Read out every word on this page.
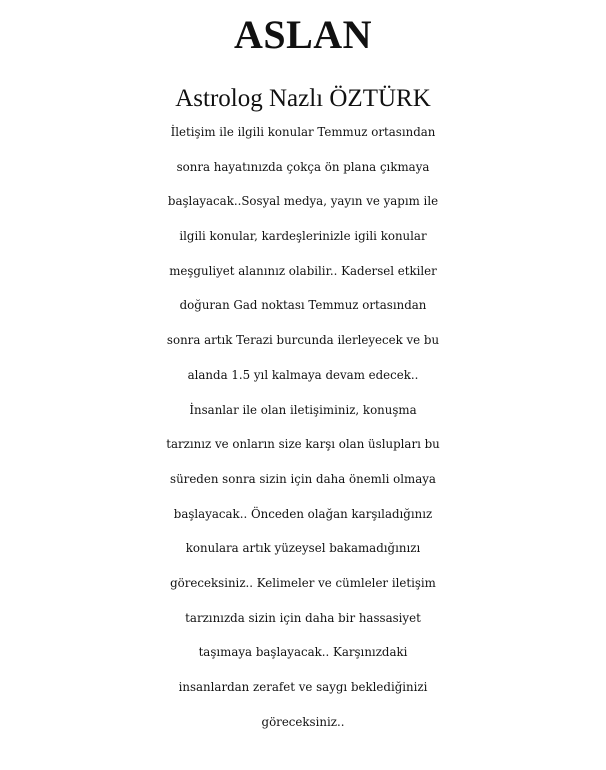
ASLAN

Astrolog Nazlı ÖZTÜRK

İletişim ile ilgili konular Temmuz ortasından
sonra hayatınızda çokça ön plana çıkmaya
başlayacak..Sosyal medya, yayın ve yapım ile
ilgili konular, kardeşlerinizle igili konular
meşguliyet alanınız olabilir.. Kadersel etkiler
doğuran Gad noktası Temmuz ortasından
sonra artık Terazi burcunda ilerleyecek ve bu
alanda 1.5 yıl kalmaya devam edecek..
İnsanlar ile olan iletişiminiz, konuşma
tarzınız ve onların size karşı olan üslupları bu
süreden sonra sizin için daha önemli olmaya
başlayacak.. Önceden olağan karşıladığınız
konulara artık yüzeysel bakamadığınızı
göreceksiniz.. Kelimeler ve cümleler iletişim
tarzınızda sizin için daha bir hassasiyet
taşımaya başlayacak.. Karşınızdaki
insanlardan zerafet ve saygı beklediğinizi
göreceksiniz..
